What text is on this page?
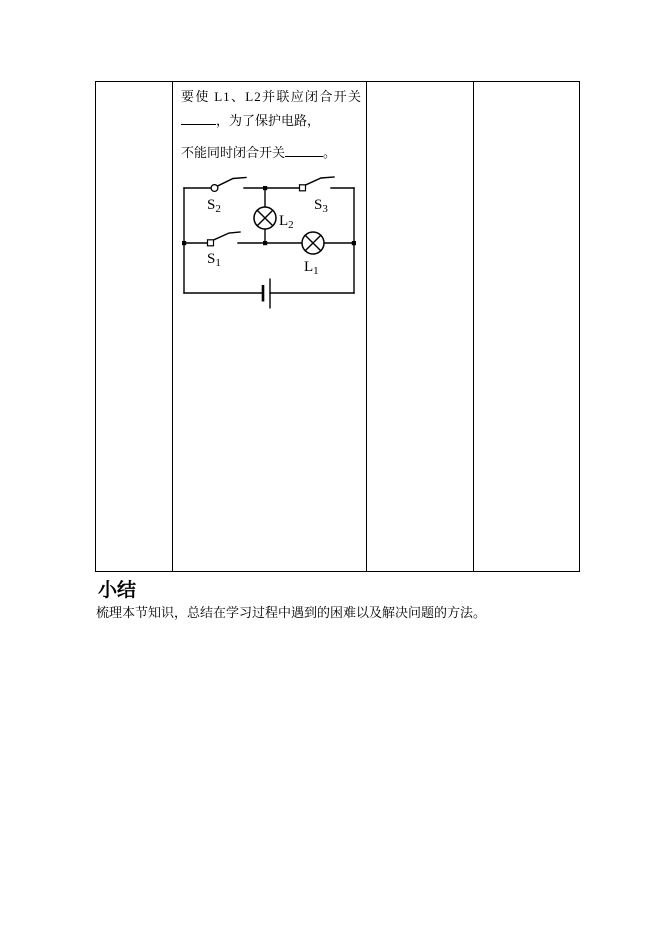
要使 L1、L2并联应闭合开关
，为了保护电路，
不能同时闭合开关	。
$S_2$	$S_3$
$S_1$
$L_2$
$L_1$
小结

梳理本节知识，总结在学习过程中遇到的困难以及解决问题的方法。
